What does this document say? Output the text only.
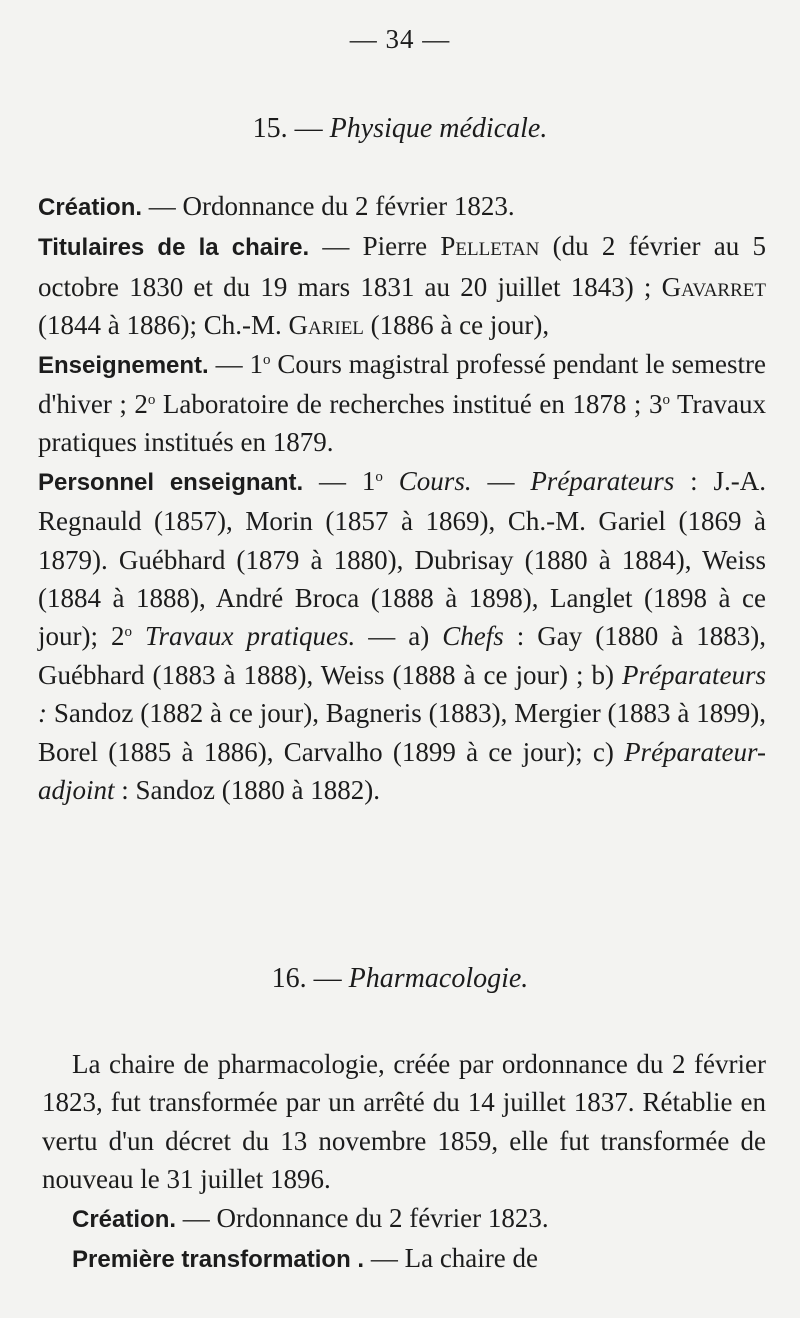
— 34 —
15. — Physique médicale.

Création. — Ordonnance du 2 février 1823.

Titulaires de la chaire. — Pierre Pelletan (du 2 février au 5 octobre 1830 et du 19 mars 1831 au 20 juillet 1843) ; Gavarret (1844 à 1886); Ch.-M. Gariel (1886 à ce jour),

Enseignement. — 1$^o$ Cours magistral professé pendant le semestre d'hiver ; 2$^o$ Laboratoire de recherches institué en 1878 ; 3$^o$ Travaux pratiques institués en 1879.

Personnel enseignant. — 1$^o$ Cours. — Préparateurs : J.-A. Regnauld (1857), Morin (1857 à 1869), Ch.-M. Gariel (1869 à 1879). Guébhard (1879 à 1880), Dubrisay (1880 à 1884), Weiss (1884 à 1888), André Broca (1888 à 1898), Langlet (1898 à ce jour); 2$^o$ Travaux pratiques. — a) Chefs : Gay (1880 à 1883), Guébhard (1883 à 1888), Weiss (1888 à ce jour) ; b) Préparateurs : Sandoz (1882 à ce jour), Bagneris (1883), Mergier (1883 à 1899), Borel (1885 à 1886), Carvalho (1899 à ce jour); c) Préparateur-adjoint : Sandoz (1880 à 1882).

16. — Pharmacologie.

La chaire de pharmacologie, créée par ordonnance du 2 février 1823, fut transformée par un arrêté du 14 juillet 1837. Rétablie en vertu d'un décret du 13 novembre 1859, elle fut transformée de nouveau le 31 juillet 1896.

Création. — Ordonnance du 2 février 1823.

Première transformation . — La chaire de
